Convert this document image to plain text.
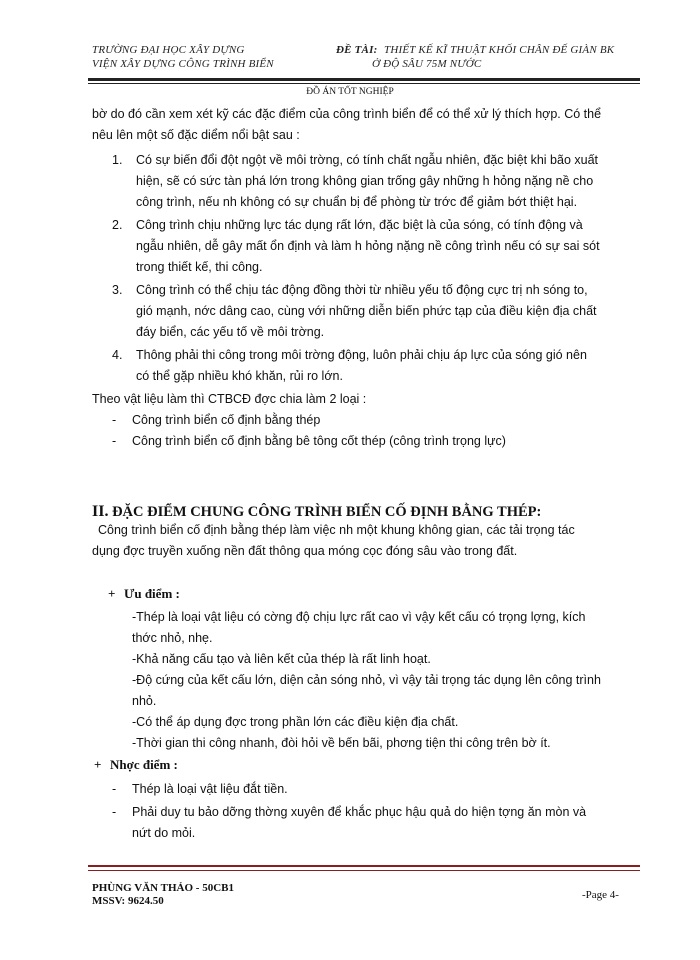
TRƯỜNG ĐẠI HỌC XÂY DỰNG
VIỆN XÂY DỰNG CÔNG TRÌNH BIỂN
ĐỀ TÀI: THIẾT KẾ KĨ THUẬT KHỐI CHÂN ĐẾ GIÀN BK
Ở ĐỘ SÂU 75M NƯỚC
ĐỒ ÁN TỐT NGHIỆP
bờ do đó cần xem xét kỹ các đặc điểm của công trình biển để có thể xử lý thích hợp. Có thể
nêu lên một số đặc diểm nổi bật sau :
1.	Có sự biến đổi đột ngột về môi trờng, có tính chất ngẫu nhiên, đặc biệt khi bão xuất
hiện, sẽ có sức tàn phá lớn trong không gian trống gây những h hỏng nặng nề cho
công trình, nếu nh không có sự chuẩn bị để phòng từ trớc để giảm bớt thiệt hại.
2.	Công trình chịu những lực tác dụng rất lớn, đặc biệt là của sóng, có tính động và
ngẫu nhiên, dễ gây mất ổn định và làm h hỏng nặng nề công trình nếu có sự sai sót
trong thiết kế, thi công.
3.	Công trình có thể chịu tác động đồng thời từ nhiều yếu tố động cực trị nh sóng to,
gió mạnh, nớc dâng cao, cùng với những diễn biến phức tạp của điều kiện địa chất
đáy biển, các yếu tố về môi trờng.
4.	Thông phải thi công trong môi trờng động, luôn phải chịu áp lực của sóng gió nên
có thể gặp nhiều khó khăn, rủi ro lớn.
Theo vật liệu làm thì CTBCĐ đợc chia làm 2 loại :
- Công trình biển cố định bằng thép
- Công trình biển cố định bằng bê tông cốt thép (công trình trọng lực)
II. ĐẶC ĐIỂM CHUNG CÔNG TRÌNH BIỂN CỐ ĐỊNH BẰNG THÉP:
Công trình biển cố định bằng thép làm việc nh một khung không gian, các tải trọng tác
dụng đợc truyền xuống nền đất thông qua móng cọc đóng sâu vào trong đất.
+ Ưu điểm :
-Thép là loại vật liệu có cờng độ chịu lực rất cao vì vậy kết cấu có trọng lợng, kích
thớc nhỏ, nhẹ.
-Khả năng cấu tạo và liên kết của thép là rất linh hoạt.
-Độ cứng của kết cấu lớn, diện cản sóng nhỏ, vì vậy tải trọng tác dụng lên công trình
nhỏ.
-Có thể áp dụng đợc trong phần lớn các điều kiện địa chất.
-Thời gian thi công nhanh, đòi hỏi về bến bãi, phơng tiện thi công trên bờ ít.
+ Nhợc điểm :
- Thép là loại vật liệu đắt tiền.
- Phải duy tu bảo dỡng thờng xuyên để khắc phục hậu quả do hiện tợng ăn mòn và
nứt do mỏi.
PHÙNG VĂN THẢO - 50CB1
MSSV: 9624.50	-Page 4-
